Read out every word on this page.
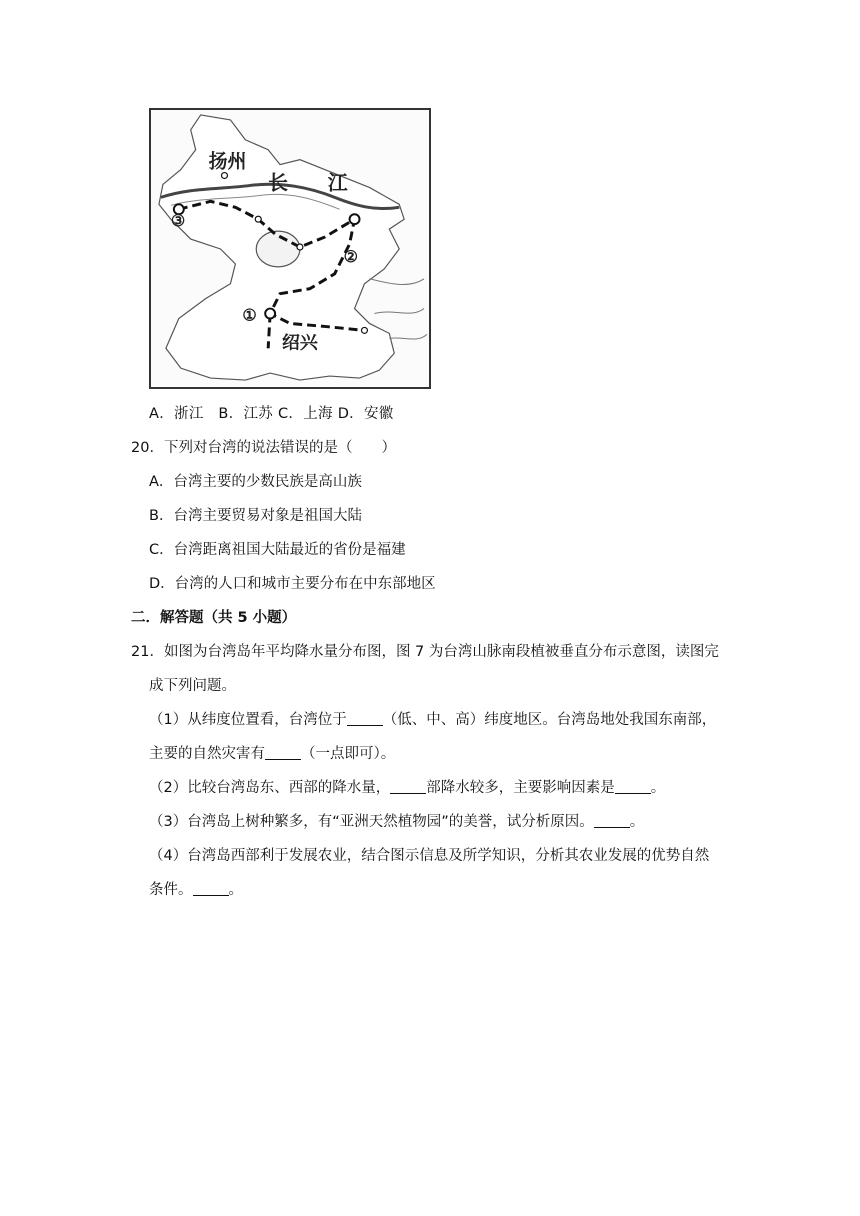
扬州
长 江
绍兴
①
②
③
A．浙江　B．江苏 C．上海 D．安徽
20．下列对台湾的说法错误的是（　　）
A．台湾主要的少数民族是高山族
B．台湾主要贸易对象是祖国大陆
C．台湾距离祖国大陆最近的省份是福建
D．台湾的人口和城市主要分布在中东部地区
二．解答题（共 5 小题）
21．如图为台湾岛年平均降水量分布图，图 7 为台湾山脉南段植被垂直分布示意图，读图完
成下列问题。
（1）从纬度位置看，台湾位于 （低、中、高）纬度地区。台湾岛地处我国东南部，
主要的自然灾害有 （一点即可）。
（2）比较台湾岛东、西部的降水量， 部降水较多，主要影响因素是 。
（3）台湾岛上树种繁多，有“亚洲天然植物园”的美誉，试分析原因。 。
（4）台湾岛西部利于发展农业，结合图示信息及所学知识，分析其农业发展的优势自然
条件。 。
